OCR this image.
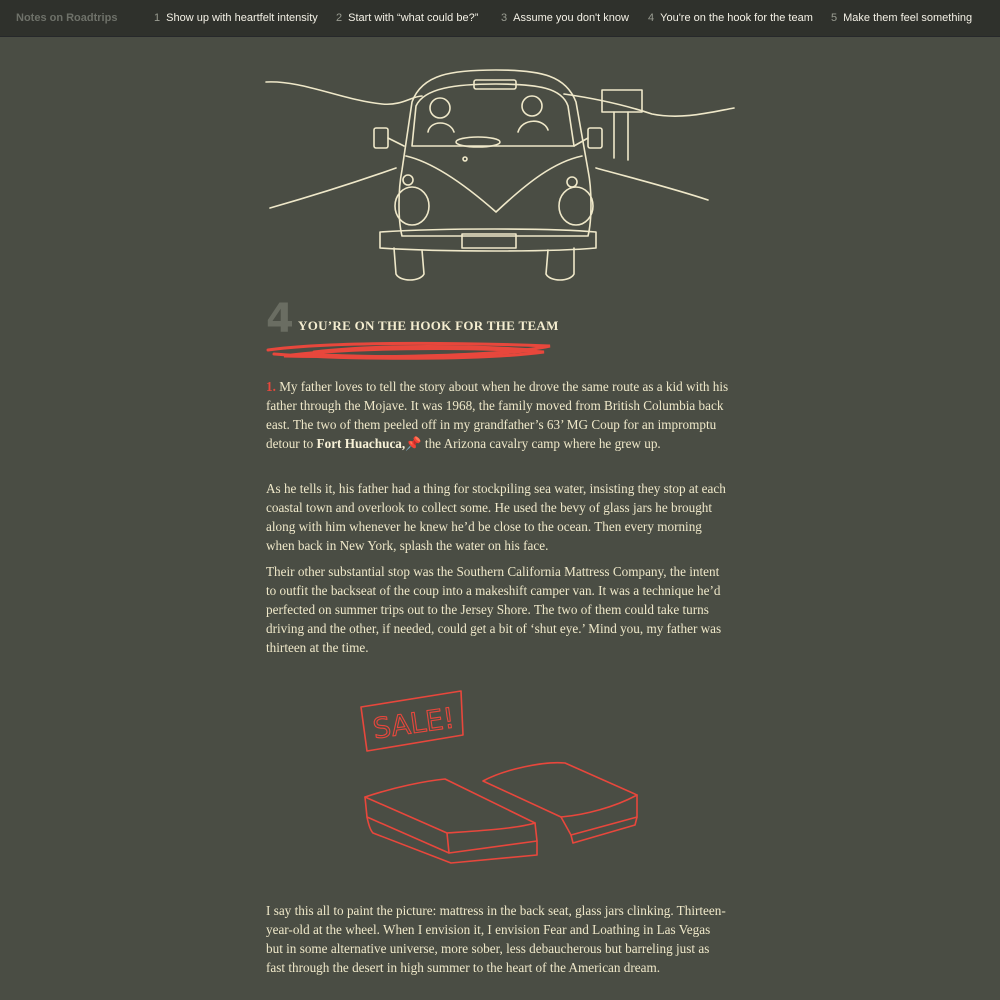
Notes on Roadtrips	1 Show up with heartfelt intensity 2 Start with “what could be?” 3 Assume you don't know 4 You're on the hook for the team 5 Make them feel something
4 YOU’RE ON THE HOOK FOR THE TEAM

1. My father loves to tell the story about when he drove the same route as a kid with his father through the Mojave. It was 1968, the family moved from British Columbia back east. The two of them peeled off in my grandfather’s 63’ MG Coup for an impromptu detour to Fort Huachuca,📌 the Arizona cavalry camp where he grew up.

As he tells it, his father had a thing for stockpiling sea water, insisting they stop at each coastal town and overlook to collect some. He used the bevy of glass jars he brought along with him whenever he knew he’d be close to the ocean. Then every morning when back in New York, splash the water on his face.

Their other substantial stop was the Southern California Mattress Company, the intent to outfit the backseat of the coup into a makeshift camper van. It was a technique he’d perfected on summer trips out to the Jersey Shore. The two of them could take turns driving and the other, if needed, could get a bit of ‘shut eye.’ Mind you, my father was thirteen at the time.

SALE!

I say this all to paint the picture: mattress in the back seat, glass jars clinking. Thirteen-year-old at the wheel. When I envision it, I envision Fear and Loathing in Las Vegas but in some alternative universe, more sober, less debaucherous but barreling just as fast through the desert in high summer to the heart of the American dream.
